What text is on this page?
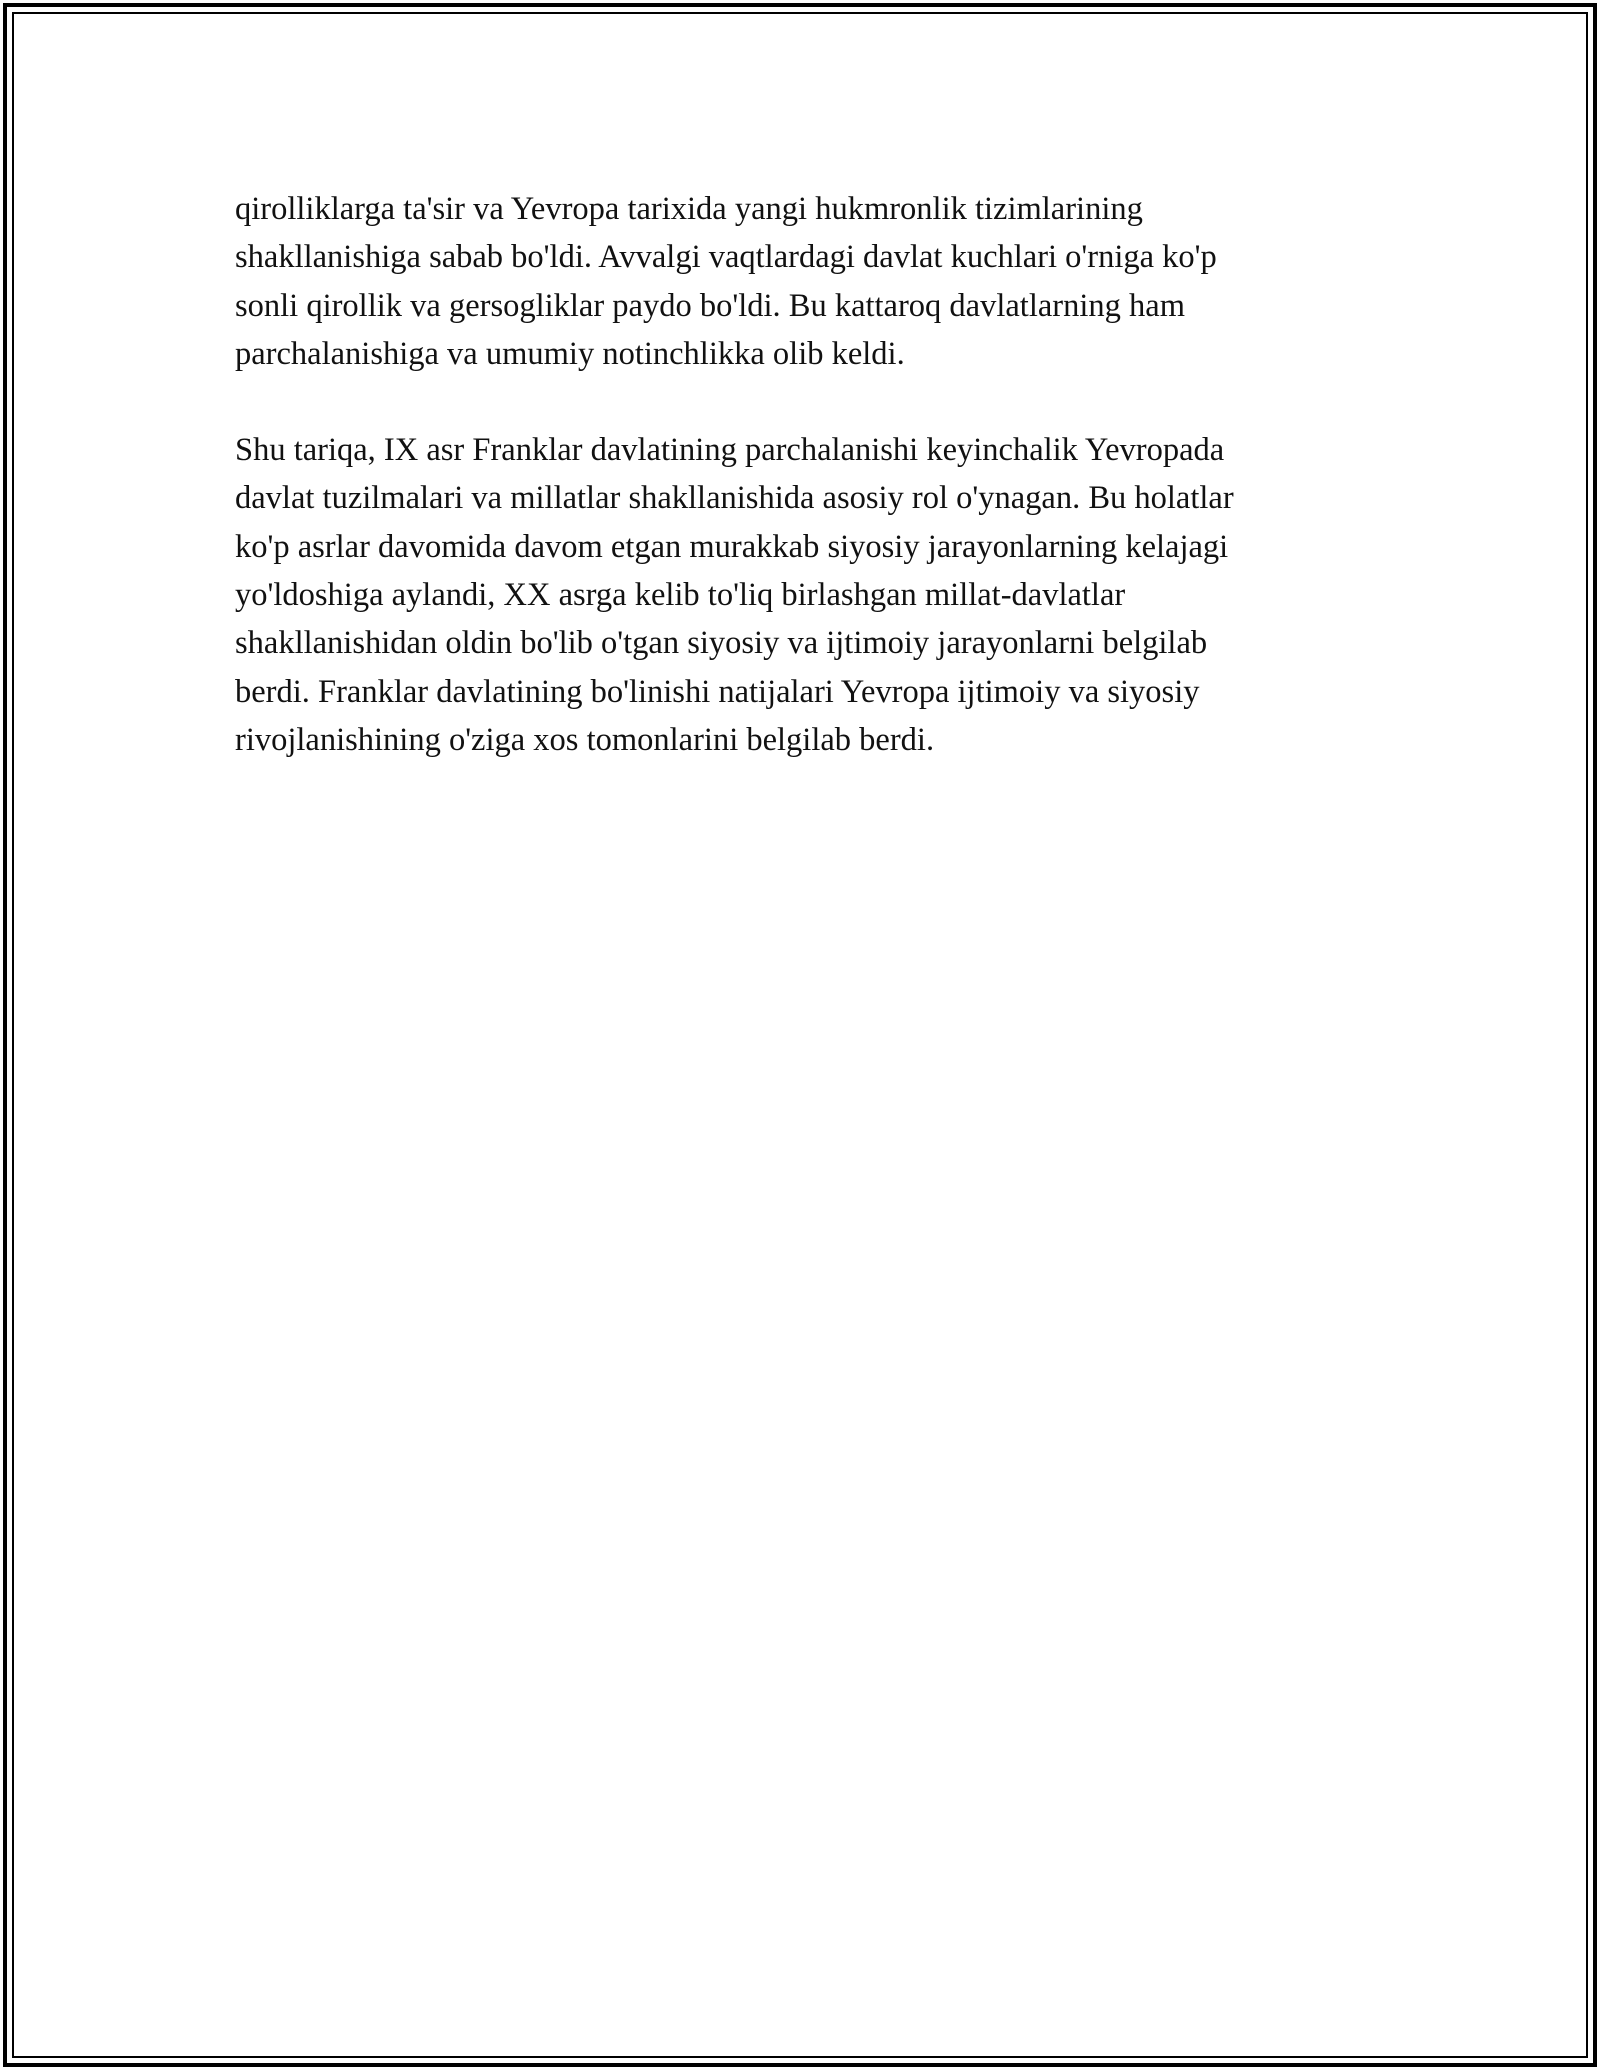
qirolliklarga ta'sir va Yevropa tarixida yangi hukmronlik tizimlarining
shakllanishiga sabab bo'ldi. Avvalgi vaqtlardagi davlat kuchlari o'rniga ko'p
sonli qirollik va gersogliklar paydo bo'ldi. Bu kattaroq davlatlarning ham
parchalanishiga va umumiy notinchlikka olib keldi.

Shu tariqa, IX asr Franklar davlatining parchalanishi keyinchalik Yevropada
davlat tuzilmalari va millatlar shakllanishida asosiy rol o'ynagan. Bu holatlar
ko'p asrlar davomida davom etgan murakkab siyosiy jarayonlarning kelajagi
yo'ldoshiga aylandi, XX asrga kelib to'liq birlashgan millat-davlatlar
shakllanishidan oldin bo'lib o'tgan siyosiy va ijtimoiy jarayonlarni belgilab
berdi. Franklar davlatining bo'linishi natijalari Yevropa ijtimoiy va siyosiy
rivojlanishining o'ziga xos tomonlarini belgilab berdi.
